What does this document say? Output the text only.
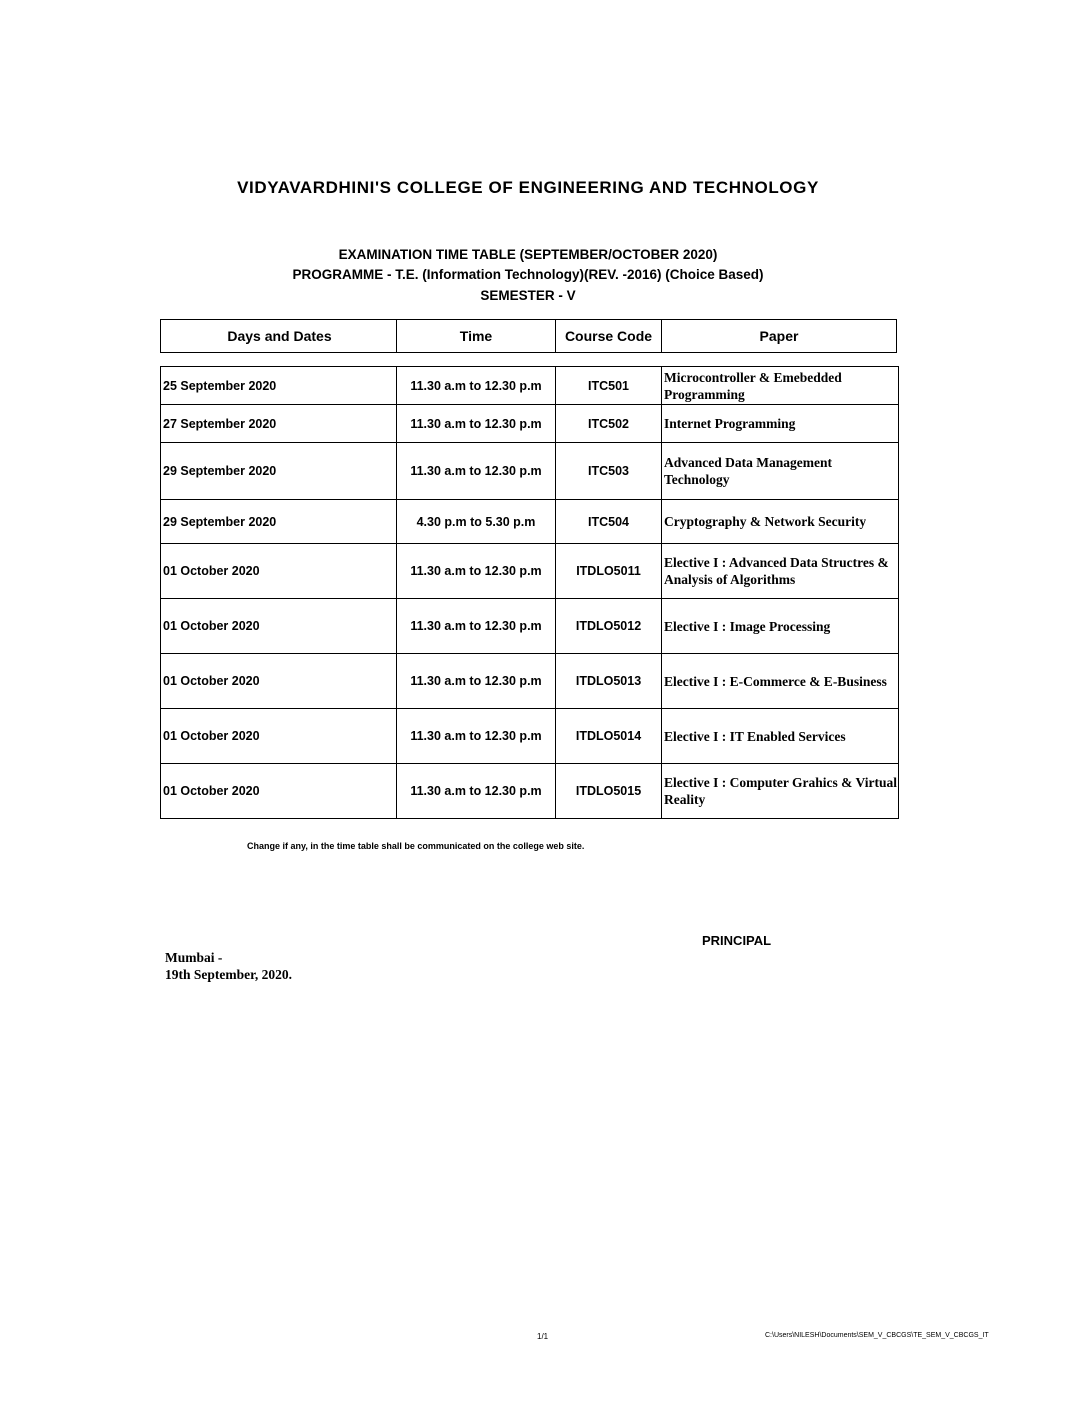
VIDYAVARDHINI'S COLLEGE OF ENGINEERING AND TECHNOLOGY
EXAMINATION TIME TABLE (SEPTEMBER/OCTOBER 2020)
PROGRAMME - T.E. (Information Technology)(REV. -2016) (Choice Based)
SEMESTER - V
Days and Dates	Time	Course Code	Paper
25 September 2020	11.30 a.m to 12.30 p.m	ITC501	Microcontroller & Emebedded Programming
27 September 2020	11.30 a.m to 12.30 p.m	ITC502	Internet Programming
29 September 2020	11.30 a.m to 12.30 p.m	ITC503	Advanced Data Management Technology
29 September 2020	4.30 p.m to 5.30 p.m	ITC504	Cryptography & Network Security
01 October 2020	11.30 a.m to 12.30 p.m	ITDLO5011	Elective I : Advanced Data Structres & Analysis of Algorithms
01 October 2020	11.30 a.m to 12.30 p.m	ITDLO5012	Elective I : Image Processing
01 October 2020	11.30 a.m to 12.30 p.m	ITDLO5013	Elective I : E-Commerce & E-Business
01 October 2020	11.30 a.m to 12.30 p.m	ITDLO5014	Elective I : IT Enabled Services
01 October 2020	11.30 a.m to 12.30 p.m	ITDLO5015	Elective I : Computer Grahics & Virtual Reality
Change if any, in the time table shall be communicated on the college web site.
PRINCIPAL
Mumbai -
19th September, 2020.
1/1	C:\Users\NILESH\Documents\SEM_V_CBCGS\TE_SEM_V_CBCGS_IT
